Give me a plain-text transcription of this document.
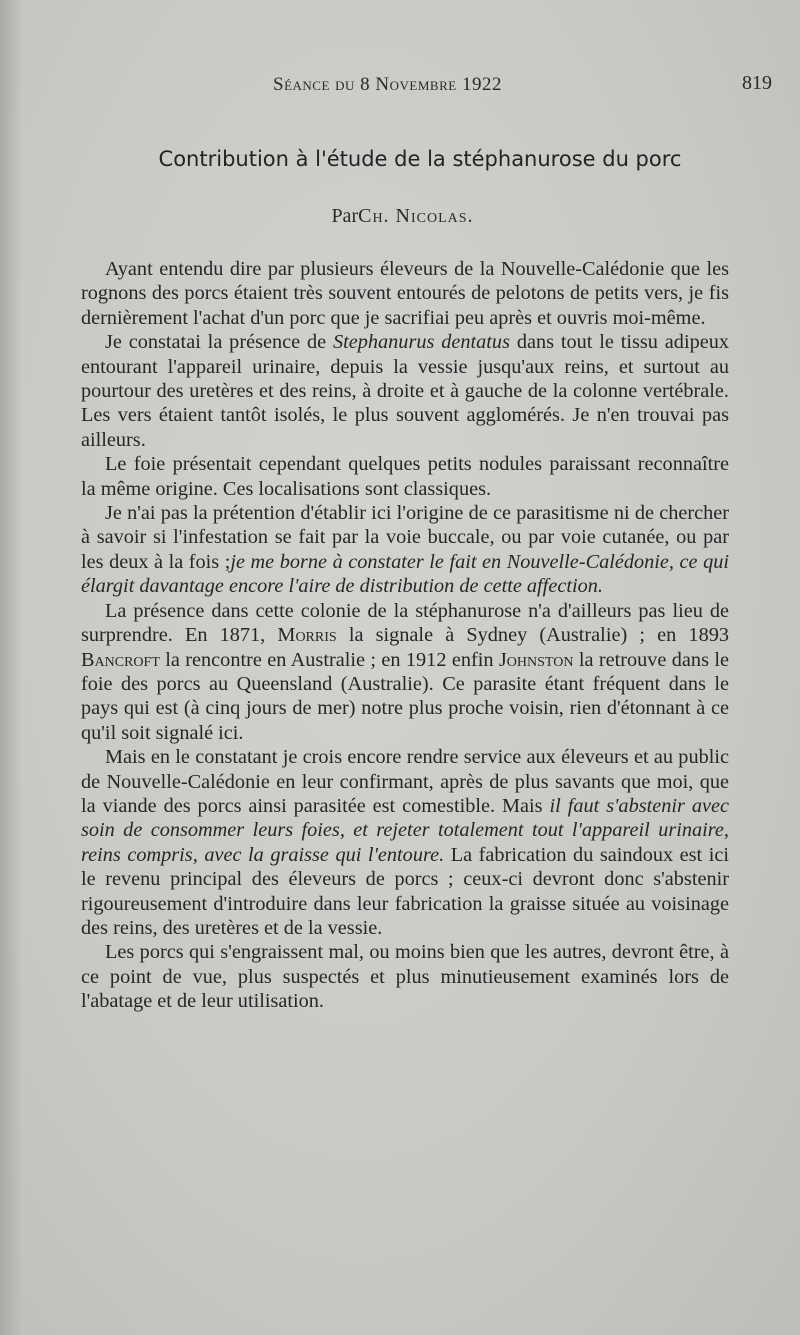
Séance du 8 Novembre 1922	819
Contribution à l'étude de la stéphanurose du porc
Par Ch. Nicolas.

Ayant entendu dire par plusieurs éleveurs de la Nouvelle-Calédonie que les rognons des porcs étaient très souvent entourés de pelotons de petits vers, je fis dernièrement l'achat d'un porc que je sacrifiai peu après et ouvris moi-même.

Je constatai la présence de Stephanurus dentatus dans tout le tissu adipeux entourant l'appareil urinaire, depuis la vessie jusqu'aux reins, et surtout au pourtour des uretères et des reins, à droite et à gauche de la colonne vertébrale. Les vers étaient tantôt isolés, le plus souvent agglomérés. Je n'en trouvai pas ailleurs.

Le foie présentait cependant quelques petits nodules paraissant reconnaître la même origine. Ces localisations sont classiques.

Je n'ai pas la prétention d'établir ici l'origine de ce parasitisme ni de chercher à savoir si l'infestation se fait par la voie buccale, ou par voie cutanée, ou par les deux à la fois ;je me borne à constater le fait en Nouvelle-Calédonie, ce qui élargit davantage encore l'aire de distribution de cette affection.

La présence dans cette colonie de la stéphanurose n'a d'ailleurs pas lieu de surprendre. En 1871, Morris la signale à Sydney (Australie) ; en 1893 Bancroft la rencontre en Australie ; en 1912 enfin Johnston la retrouve dans le foie des porcs au Queensland (Australie). Ce parasite étant fréquent dans le pays qui est (à cinq jours de mer) notre plus proche voisin, rien d'étonnant à ce qu'il soit signalé ici.

Mais en le constatant je crois encore rendre service aux éleveurs et au public de Nouvelle-Calédonie en leur confirmant, après de plus savants que moi, que la viande des porcs ainsi parasitée est comestible. Mais il faut s'abstenir avec soin de consommer leurs foies, et rejeter totalement tout l'appareil urinaire, reins compris, avec la graisse qui l'entoure. La fabrication du saindoux est ici le revenu principal des éleveurs de porcs ; ceux-ci devront donc s'abstenir rigoureusement d'introduire dans leur fabrication la graisse située au voisinage des reins, des uretères et de la vessie.

Les porcs qui s'engraissent mal, ou moins bien que les autres, devront être, à ce point de vue, plus suspectés et plus minutieusement examinés lors de l'abatage et de leur utilisation.
